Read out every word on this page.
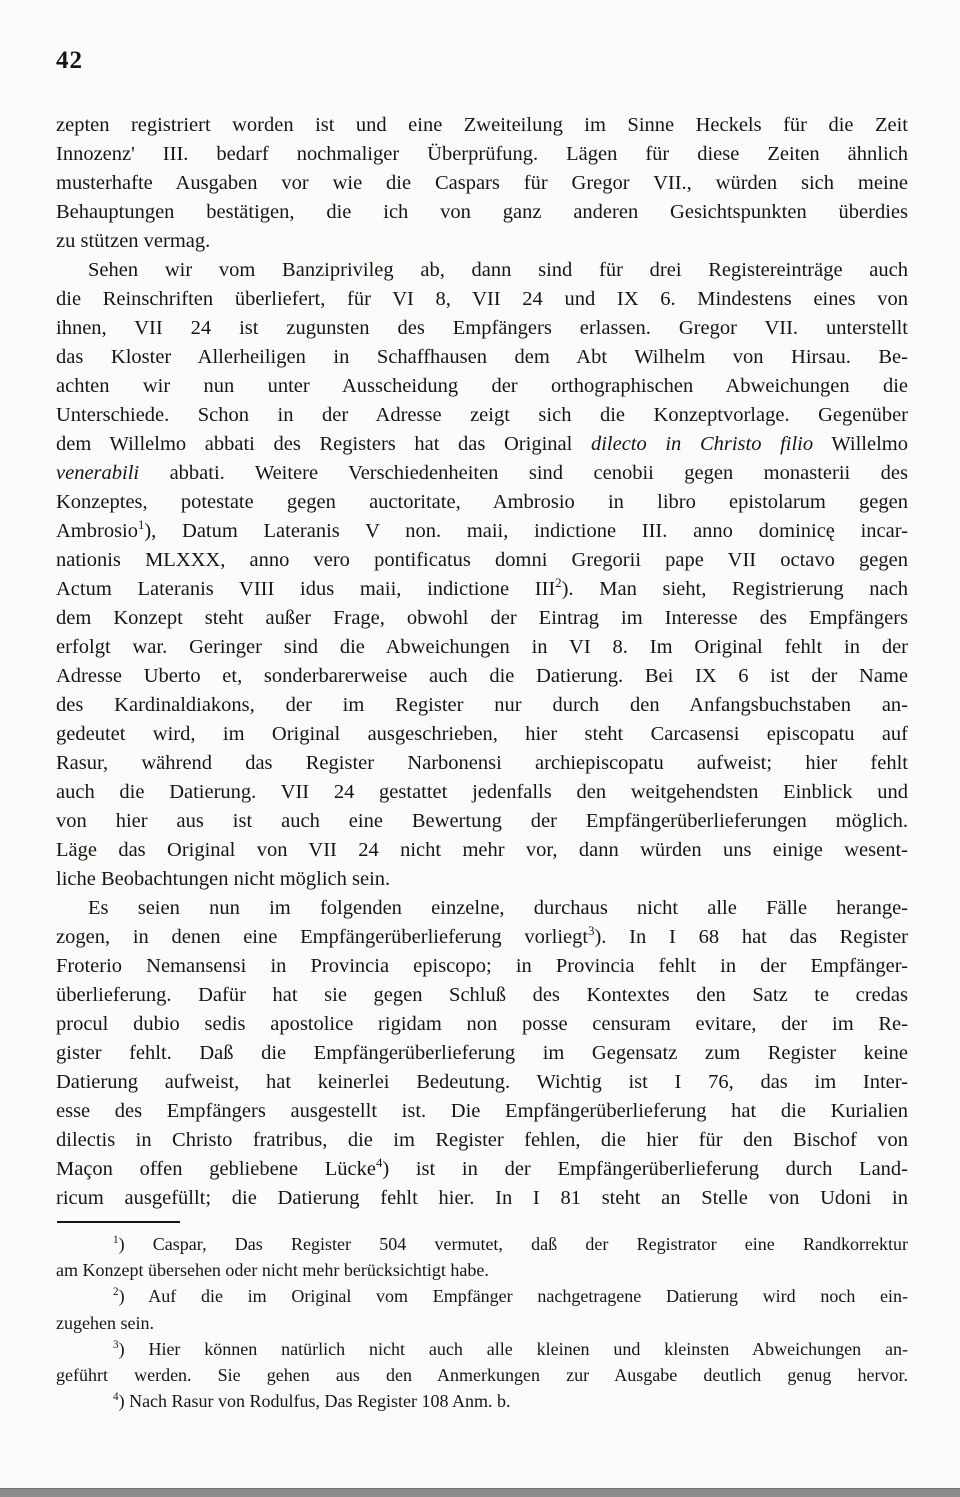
42
zepten registriert worden ist und eine Zweiteilung im Sinne Heckels für die Zeit
Innozenz' III. bedarf nochmaliger Überprüfung. Lägen für diese Zeiten ähnlich
musterhafte Ausgaben vor wie die Caspars für Gregor VII., würden sich meine
Behauptungen bestätigen, die ich von ganz anderen Gesichtspunkten überdies
zu stützen vermag.
Sehen wir vom Banziprivileg ab, dann sind für drei Registereinträge auch
die Reinschriften überliefert, für VI 8, VII 24 und IX 6. Mindestens eines von
ihnen, VII 24 ist zugunsten des Empfängers erlassen. Gregor VII. unterstellt
das Kloster Allerheiligen in Schaffhausen dem Abt Wilhelm von Hirsau. Be-
achten wir nun unter Ausscheidung der orthographischen Abweichungen die
Unterschiede. Schon in der Adresse zeigt sich die Konzeptvorlage. Gegenüber
dem Willelmo abbati des Registers hat das Original dilecto in Christo filio Willelmo
venerabili abbati. Weitere Verschiedenheiten sind cenobii gegen monasterii des
Konzeptes, potestate gegen auctoritate, Ambrosio in libro epistolarum gegen
Ambrosio$^1$), Datum Lateranis V non. maii, indictione III. anno dominicę incar-
nationis MLXXX, anno vero pontificatus domni Gregorii pape VII octavo gegen
Actum Lateranis VIII idus maii, indictione III$^2$). Man sieht, Registrierung nach
dem Konzept steht außer Frage, obwohl der Eintrag im Interesse des Empfängers
erfolgt war. Geringer sind die Abweichungen in VI 8. Im Original fehlt in der
Adresse Uberto et, sonderbarerweise auch die Datierung. Bei IX 6 ist der Name
des Kardinaldiakons, der im Register nur durch den Anfangsbuchstaben an-
gedeutet wird, im Original ausgeschrieben, hier steht Carcasensi episcopatu auf
Rasur, während das Register Narbonensi archiepiscopatu aufweist; hier fehlt
auch die Datierung. VII 24 gestattet jedenfalls den weitgehendsten Einblick und
von hier aus ist auch eine Bewertung der Empfängerüberlieferungen möglich.
Läge das Original von VII 24 nicht mehr vor, dann würden uns einige wesent-
liche Beobachtungen nicht möglich sein.
Es seien nun im folgenden einzelne, durchaus nicht alle Fälle herange-
zogen, in denen eine Empfängerüberlieferung vorliegt$^3$). In I 68 hat das Register
Froterio Nemansensi in Provincia episcopo; in Provincia fehlt in der Empfänger-
überlieferung. Dafür hat sie gegen Schluß des Kontextes den Satz te credas
procul dubio sedis apostolice rigidam non posse censuram evitare, der im Re-
gister fehlt. Daß die Empfängerüberlieferung im Gegensatz zum Register keine
Datierung aufweist, hat keinerlei Bedeutung. Wichtig ist I 76, das im Inter-
esse des Empfängers ausgestellt ist. Die Empfängerüberlieferung hat die Kurialien
dilectis in Christo fratribus, die im Register fehlen, die hier für den Bischof von
Maçon offen gebliebene Lücke$^4$) ist in der Empfängerüberlieferung durch Land-
ricum ausgefüllt; die Datierung fehlt hier. In I 81 steht an Stelle von Udoni in
$^1$) Caspar, Das Register 504 vermutet, daß der Registrator eine Randkorrektur
am Konzept übersehen oder nicht mehr berücksichtigt habe.
$^2$) Auf die im Original vom Empfänger nachgetragene Datierung wird noch ein-
zugehen sein.
$^3$) Hier können natürlich nicht auch alle kleinen und kleinsten Abweichungen an-
geführt werden. Sie gehen aus den Anmerkungen zur Ausgabe deutlich genug hervor.
$^4$) Nach Rasur von Rodulfus, Das Register 108 Anm. b.
